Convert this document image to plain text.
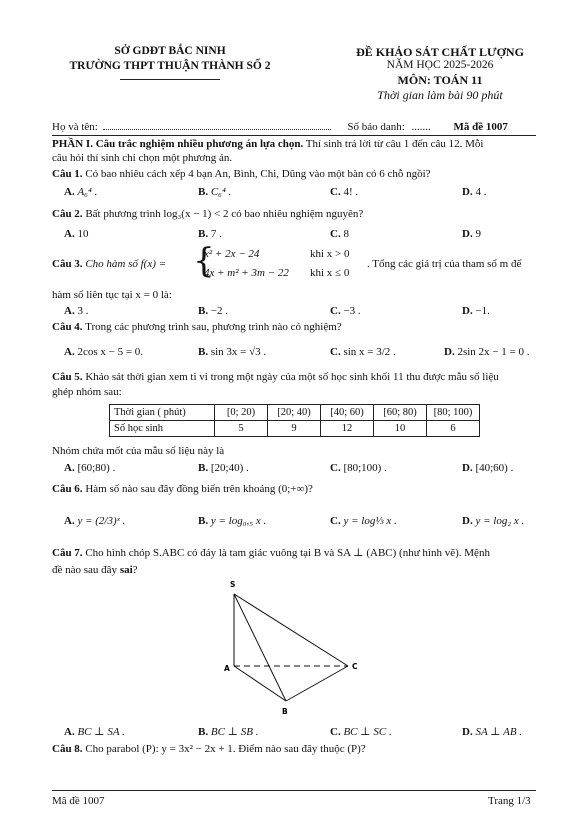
SỞ GDĐT BẮC NINH
TRƯỜNG THPT THUẬN THÀNH SỐ 2
ĐỀ KHẢO SÁT CHẤT LƯỢNG
NĂM HỌC 2025-2026
MÔN: TOÁN 11
Thời gian làm bài 90 phút
Họ và tên:	Số báo danh: ....... Mã đề 1007
PHẦN I. Câu trắc nghiệm nhiều phương án lựa chọn. Thí sinh trả lời từ câu 1 đến câu 12. Mỗi
câu hỏi thí sinh chỉ chọn một phương án.
Câu 1. Có bao nhiêu cách xếp 4 bạn An, Bình, Chi, Dũng vào một bàn có 6 chỗ ngồi?
A. A₆⁴ .	B. C₆⁴ .	C. 4! .	D. 4 .
Câu 2. Bất phương trình log₃(x − 1) < 2 có bao nhiêu nghiệm nguyên?
A. 10	B. 7 .	C. 8	D. 9
Câu 3. Cho hàm số f(x) = {
x² + 2x − 24	khi x > 0
4x + m² + 3m − 22 khi x ≤ 0
. Tổng các giá trị của tham số m để
hàm số liên tục tại x = 0 là:
A. 3 .	B. −2 .	C. −3 .	D. −1.
Câu 4. Trong các phương trình sau, phương trình nào có nghiệm?
A. 2cos x − 5 = 0.	B. sin 3x = √3 .	C. sin x = 3/2 .	D. 2sin 2x − 1 = 0 .
Câu 5. Khảo sát thời gian xem ti vi trong một ngày của một số học sinh khối 11 thu được mẫu số liệu
ghép nhóm sau:
Thời gian ( phút)	[0; 20)	[20; 40)	[40; 60)	[60; 80)	[80; 100)
Số học sinh	5	9	12	10	6
Nhóm chứa mốt của mẫu số liệu này là
A. [60;80) .	B. [20;40) .	C. [80;100) .	D. [40;60) .
Câu 6. Hàm số nào sau đây đồng biến trên khoảng (0;+∞)?
A. y = (2/3)ˣ .	B. y = log₀,₅ x .	C. y = log⅓ x .	D. y = log₂ x .
Câu 7. Cho hình chóp S.ABC có đáy là tam giác vuông tại B và SA ⊥ (ABC) (như hình vẽ). Mệnh
đề nào sau đây sai?
S
A
B
C
A. BC ⊥ SA .	B. BC ⊥ SB .	C. BC ⊥ SC .	D. SA ⊥ AB .
Câu 8. Cho parabol (P): y = 3x² − 2x + 1. Điểm nào sau đây thuộc (P)?
Mã đề 1007	Trang 1/3
